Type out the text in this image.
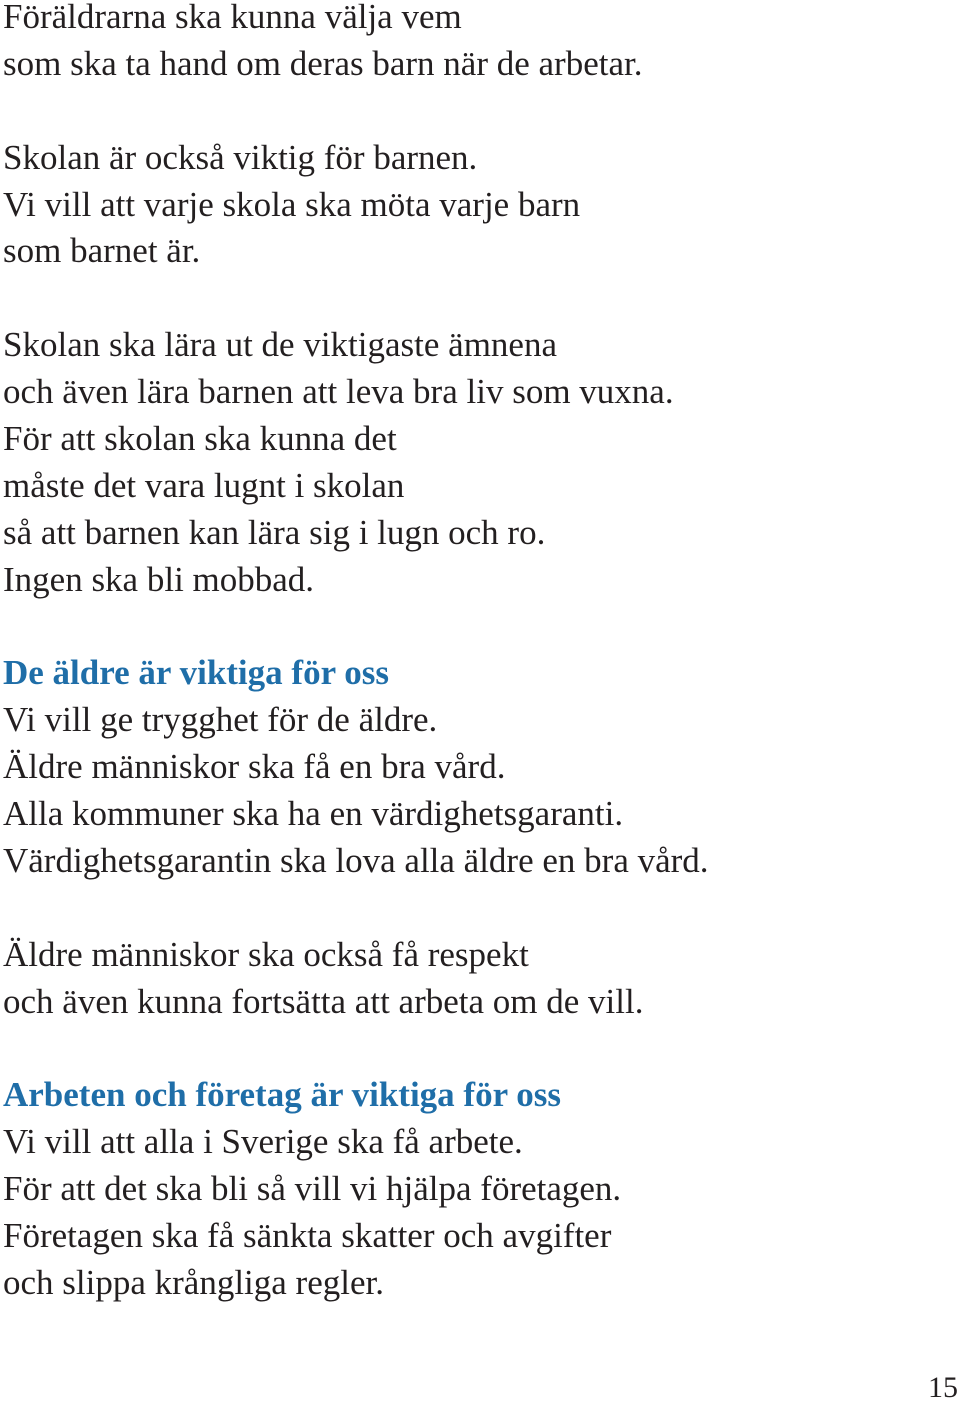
Föräldrarna ska kunna välja vem
som ska ta hand om deras barn när de arbetar.
Skolan är också viktig för barnen.
Vi vill att varje skola ska möta varje barn
som barnet är.
Skolan ska lära ut de viktigaste ämnena
och även lära barnen att leva bra liv som vuxna.
För att skolan ska kunna det
måste det vara lugnt i skolan
så att barnen kan lära sig i lugn och ro.
Ingen ska bli mobbad.
De äldre är viktiga för oss
Vi vill ge trygghet för de äldre.
Äldre människor ska få en bra vård.
Alla kommuner ska ha en värdighetsgaranti.
Värdighetsgarantin ska lova alla äldre en bra vård.
Äldre människor ska också få respekt
och även kunna fortsätta att arbeta om de vill.
Arbeten och företag är viktiga för oss
Vi vill att alla i Sverige ska få arbete.
För att det ska bli så vill vi hjälpa företagen.
Företagen ska få sänkta skatter och avgifter
och slippa krångliga regler.
15
